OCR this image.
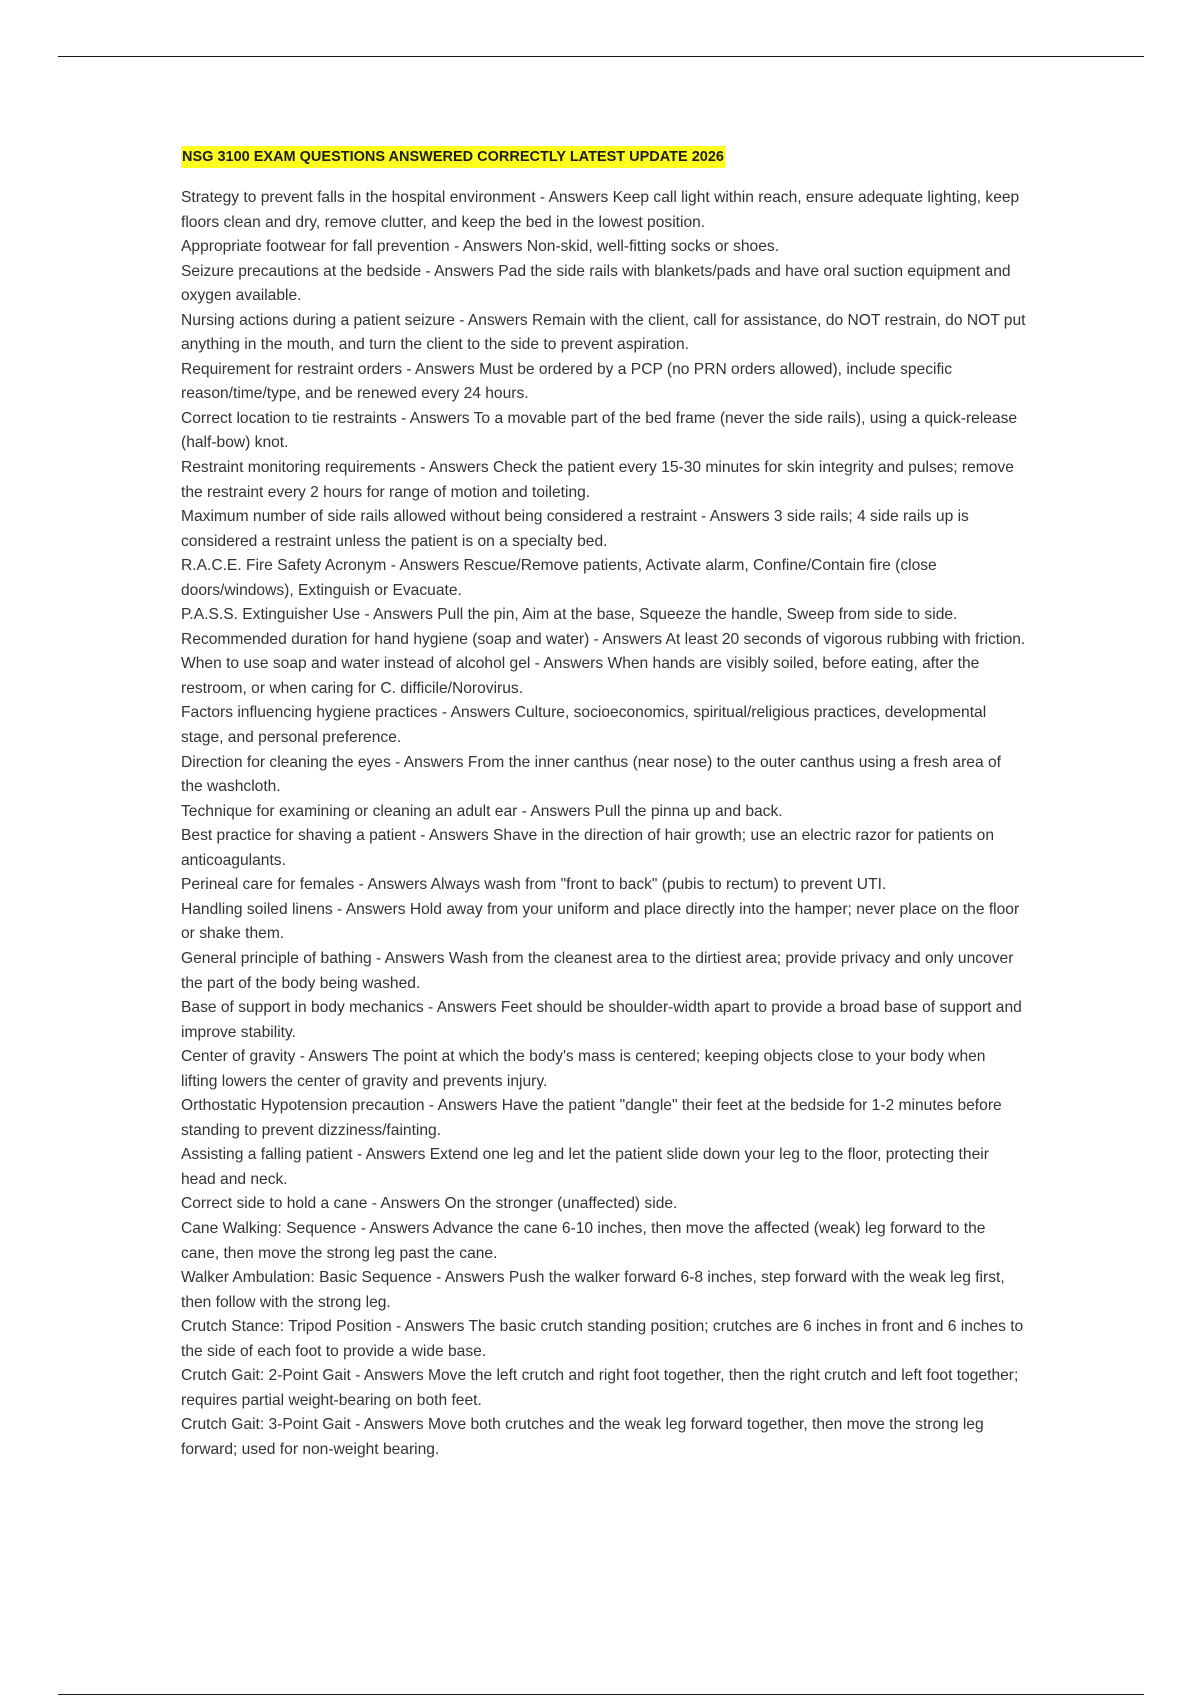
NSG 3100 EXAM QUESTIONS ANSWERED CORRECTLY LATEST UPDATE 2026

Strategy to prevent falls in the hospital environment - Answers Keep call light within reach, ensure adequate lighting, keep floors clean and dry, remove clutter, and keep the bed in the lowest position.

Appropriate footwear for fall prevention - Answers Non-skid, well-fitting socks or shoes.

Seizure precautions at the bedside - Answers Pad the side rails with blankets/pads and have oral suction equipment and oxygen available.

Nursing actions during a patient seizure - Answers Remain with the client, call for assistance, do NOT restrain, do NOT put anything in the mouth, and turn the client to the side to prevent aspiration.

Requirement for restraint orders - Answers Must be ordered by a PCP (no PRN orders allowed), include specific reason/time/type, and be renewed every 24 hours.

Correct location to tie restraints - Answers To a movable part of the bed frame (never the side rails), using a quick-release (half-bow) knot.

Restraint monitoring requirements - Answers Check the patient every 15-30 minutes for skin integrity and pulses; remove the restraint every 2 hours for range of motion and toileting.

Maximum number of side rails allowed without being considered a restraint - Answers 3 side rails; 4 side rails up is considered a restraint unless the patient is on a specialty bed.

R.A.C.E. Fire Safety Acronym - Answers Rescue/Remove patients, Activate alarm, Confine/Contain fire (close doors/windows), Extinguish or Evacuate.

P.A.S.S. Extinguisher Use - Answers Pull the pin, Aim at the base, Squeeze the handle, Sweep from side to side.

Recommended duration for hand hygiene (soap and water) - Answers At least 20 seconds of vigorous rubbing with friction.

When to use soap and water instead of alcohol gel - Answers When hands are visibly soiled, before eating, after the restroom, or when caring for C. difficile/Norovirus.

Factors influencing hygiene practices - Answers Culture, socioeconomics, spiritual/religious practices, developmental stage, and personal preference.

Direction for cleaning the eyes - Answers From the inner canthus (near nose) to the outer canthus using a fresh area of the washcloth.

Technique for examining or cleaning an adult ear - Answers Pull the pinna up and back.

Best practice for shaving a patient - Answers Shave in the direction of hair growth; use an electric razor for patients on anticoagulants.

Perineal care for females - Answers Always wash from "front to back" (pubis to rectum) to prevent UTI.

Handling soiled linens - Answers Hold away from your uniform and place directly into the hamper; never place on the floor or shake them.

General principle of bathing - Answers Wash from the cleanest area to the dirtiest area; provide privacy and only uncover the part of the body being washed.

Base of support in body mechanics - Answers Feet should be shoulder-width apart to provide a broad base of support and improve stability.

Center of gravity - Answers The point at which the body's mass is centered; keeping objects close to your body when lifting lowers the center of gravity and prevents injury.

Orthostatic Hypotension precaution - Answers Have the patient "dangle" their feet at the bedside for 1-2 minutes before standing to prevent dizziness/fainting.

Assisting a falling patient - Answers Extend one leg and let the patient slide down your leg to the floor, protecting their head and neck.

Correct side to hold a cane - Answers On the stronger (unaffected) side.

Cane Walking: Sequence - Answers Advance the cane 6-10 inches, then move the affected (weak) leg forward to the cane, then move the strong leg past the cane.

Walker Ambulation: Basic Sequence - Answers Push the walker forward 6-8 inches, step forward with the weak leg first, then follow with the strong leg.

Crutch Stance: Tripod Position - Answers The basic crutch standing position; crutches are 6 inches in front and 6 inches to the side of each foot to provide a wide base.

Crutch Gait: 2-Point Gait - Answers Move the left crutch and right foot together, then the right crutch and left foot together; requires partial weight-bearing on both feet.

Crutch Gait: 3-Point Gait - Answers Move both crutches and the weak leg forward together, then move the strong leg forward; used for non-weight bearing.
